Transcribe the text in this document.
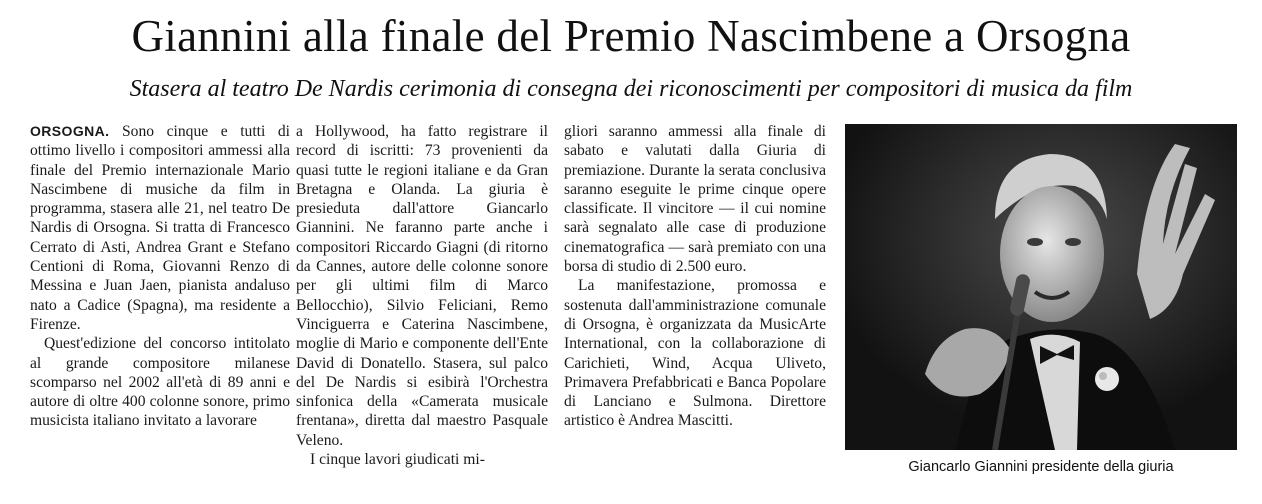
Giannini alla finale del Premio Nascimbene a Orsogna
Stasera al teatro De Nardis cerimonia di consegna dei riconoscimenti per compositori di musica da film

ORSOGNA. Sono cinque e tutti di ottimo livello i compositori ammessi alla finale del Premio internazionale Mario Nascimbene di musiche da film in programma, stasera alle 21, nel teatro De Nardis di Orsogna. Si tratta di Francesco Cerrato di Asti, Andrea Grant e Stefano Centioni di Roma, Giovanni Renzo di Messina e Juan Jaen, pianista andaluso nato a Cadice (Spagna), ma residente a Firenze.

Quest'edizione del concorso intitolato al grande compositore milanese scomparso nel 2002 all'età di 89 anni e autore di oltre 400 colonne sonore, primo musicista italiano invitato a lavorare

a Hollywood, ha fatto registrare il record di iscritti: 73 provenienti da quasi tutte le regioni italiane e da Gran Bretagna e Olanda. La giuria è presieduta dall'attore Giancarlo Giannini. Ne faranno parte anche i compositori Riccardo Giagni (di ritorno da Cannes, autore delle colonne sonore per gli ultimi film di Marco Bellocchio), Silvio Feliciani, Remo Vinciguerra e Caterina Nascimbene, moglie di Mario e componente dell'Ente David di Donatello. Stasera, sul palco del De Nardis si esibirà l'Orchestra sinfonica della «Camerata musicale frentana», diretta dal maestro Pasquale Veleno.

I cinque lavori giudicati mi-

gliori saranno ammessi alla finale di sabato e valutati dalla Giuria di premiazione. Durante la serata conclusiva saranno eseguite le prime cinque opere classificate. Il vincitore — il cui nomine sarà segnalato alle case di produzione cinematografica — sarà premiato con una borsa di studio di 2.500 euro.

La manifestazione, promossa e sostenuta dall'amministrazione comunale di Orsogna, è organizzata da MusicArte International, con la collaborazione di Carichieti, Wind, Acqua Uliveto, Primavera Prefabbricati e Banca Popolare di Lanciano e Sulmona. Direttore artistico è Andrea Mascitti.

Giancarlo Giannini presidente della giuria
